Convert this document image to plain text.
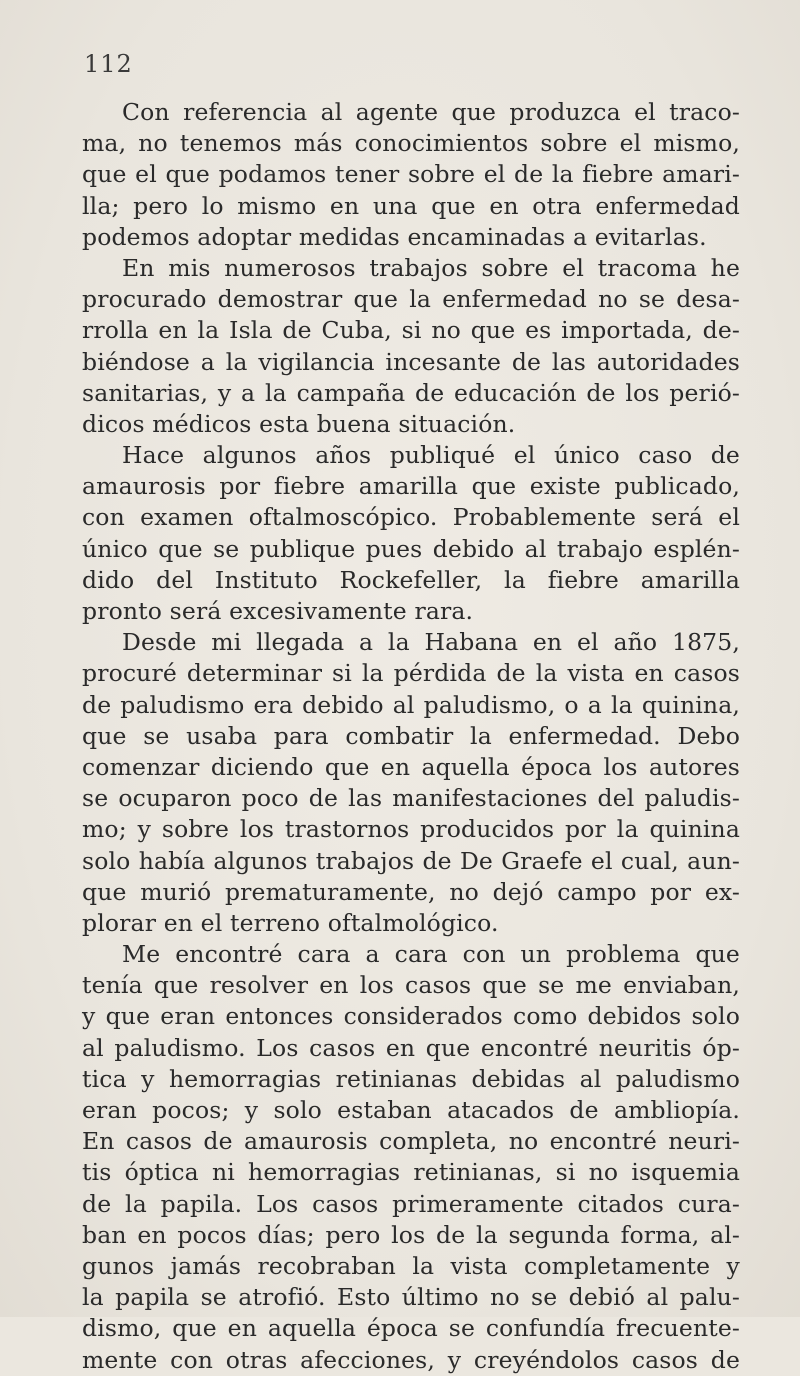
112
Con referencia al agente que produzca el traco-
ma, no tenemos más conocimientos sobre el mismo,
que el que podamos tener sobre el de la fiebre amari-
lla; pero lo mismo en una que en otra enfermedad
podemos adoptar medidas encaminadas a evitarlas.
En mis numerosos trabajos sobre el tracoma he
procurado demostrar que la enfermedad no se desa-
rrolla en la Isla de Cuba, si no que es importada, de-
biéndose a la vigilancia incesante de las autoridades
sanitarias, y a la campaña de educación de los perió-
dicos médicos esta buena situación.
Hace algunos años publiqué el único caso de
amaurosis por fiebre amarilla que existe publicado,
con examen oftalmoscópico. Probablemente será el
único que se publique pues debido al trabajo esplén-
dido del Instituto Rockefeller, la fiebre amarilla
pronto será excesivamente rara.
Desde mi llegada a la Habana en el año 1875,
procuré determinar si la pérdida de la vista en casos
de paludismo era debido al paludismo, o a la quinina,
que se usaba para combatir la enfermedad. Debo
comenzar diciendo que en aquella época los autores
se ocuparon poco de las manifestaciones del paludis-
mo; y sobre los trastornos producidos por la quinina
solo había algunos trabajos de De Graefe el cual, aun-
que murió prematuramente, no dejó campo por ex-
plorar en el terreno oftalmológico.
Me encontré cara a cara con un problema que
tenía que resolver en los casos que se me enviaban,
y que eran entonces considerados como debidos solo
al paludismo. Los casos en que encontré neuritis óp-
tica y hemorragias retinianas debidas al paludismo
eran pocos; y solo estaban atacados de ambliopía.
En casos de amaurosis completa, no encontré neuri-
tis óptica ni hemorragias retinianas, si no isquemia
de la papila. Los casos primeramente citados cura-
ban en pocos días; pero los de la segunda forma, al-
gunos jamás recobraban la vista completamente y
la papila se atrofió. Esto último no se debió al palu-
dismo, que en aquella época se confundía frecuente-
mente con otras afecciones, y creyéndolos casos de
